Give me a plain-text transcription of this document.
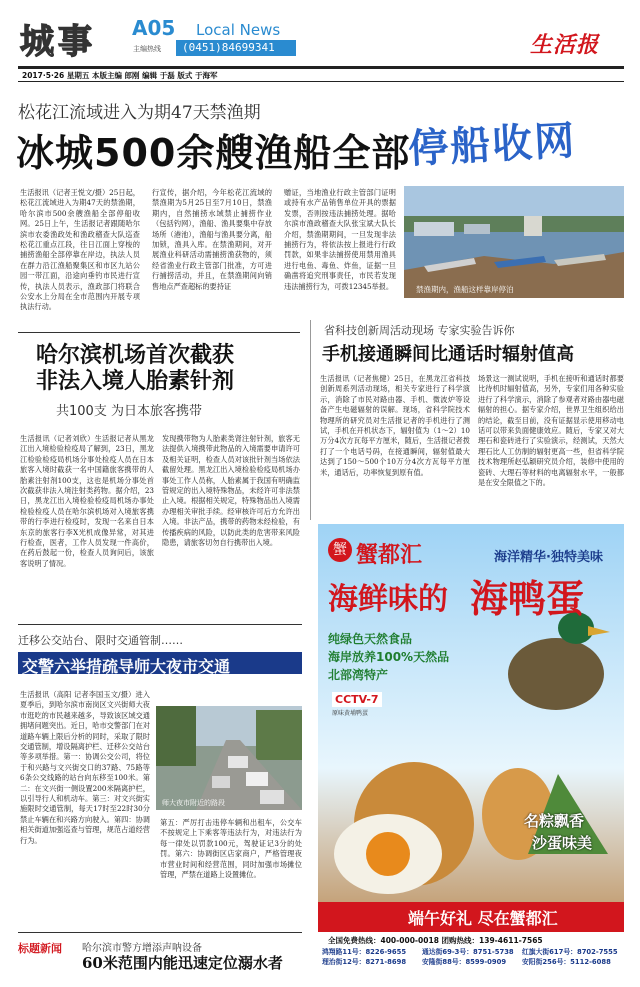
城事 A05 Local News
主编热线 (0451)84699341	生活报
2017·5·26 星期五 本版主编 郎刚 编辑 于磊 版式 于海军
松花江流域进入为期47天禁渔期
冰城500余艘渔船全部
停船收网
生活报讯（记者王悦文/摄）25日起，松花江流域进入为期47天的禁渔期，哈尔滨市500余艘渔船全部停船收网。25日上午，生活报记者跟随哈尔滨市农委渔政处和渔政稽查大队巡查松花江重点江段，往日江面上穿梭的捕捞渔船全部停靠在岸边，执法人员在群力沿江渔船聚集区和市区九站公园一带江面，沿途向垂钓市民进行宣传，执法人员表示，渔政部门将联合公安水上分局在全市范围内开展专项执法行动。
行宣传，据介绍，今年松花江流域的禁渔期为5月25日至7月10日，禁渔期内，自然捕捞水域禁止捕捞作业（包括钓网），渔船、渔具要集中存放场所（港池），渔船与渔具要分离，船加锁，渔具入库。在禁渔期间，对开展渔业科研活动需捕捞渔获物的，须经省渔业行政主管部门批准，方可进行捕捞活动，并且，在禁渔期间向销售地点严查超标的要持证
赠证，当地渔业行政主管部门证明或持有水产品销售单位开具的票据发票，否则按违法捕捞处理。据哈尔滨市渔政稽查大队张宝斌大队长介绍，禁渔期期间，一旦发现非法捕捞行为，将依法按上报进行行政罚款，如果非法捕捞使用禁用渔具进行电鱼、毒鱼、炸鱼，证据一旦确凿将追究刑事责任，市民若发现违法捕捞行为，可拨12345举报。	禁渔期内，渔船这样靠岸停泊
哈尔滨机场首次截获
非法入境人胎素针剂
共100支 为日本旅客携带
生活报讯（记者刘欣）生活报记者从黑龙江出入境检验检疫局了解到，23日，黑龙江检验检疫局机场分事处检疫人员在日本旅客入境时截获一名中国籍旅客携带的人胎素注射剂100支，这也是机场分事处首次截获非法入境注射类药物。据介绍，23日，黑龙江出入境检验检疫局机场办事处检验检疫人员在哈尔滨机场对入境旅客携带的行李进行检疫时，发现一名来自日本东京的旅客行李X光机成像异常，对其进行检查，医者，工作人员发现一件高价，在药后鼓起一份，检查人员询问后，该旅客说明了情况。
发现携带物为人胎素类肾注射针剂，旅客无法提供入境携带此物品的入境需要申请许可及相关证明，检查人员对该批针剂当场依法截留处理。黑龙江出入境检验检疫局机场办事处工作人员称，人胎素属于我国有明确监管规定的出入境特殊物品，未经许可非法禁止入境。根据相关规定，特殊物品出入境需办理相关审批手续。经审核许可后方允许出入境。非法产品，携带的药物未经检验，有传播疾病的风险，以防此类的危害带来风险隐患，请旅客切勿自行携带出入境。
省科技创新周活动现场 专家实验告诉你
手机接通瞬间比通话时辐射值高
生活报讯（记者焦健）25日，在黑龙江省科技创新周系列活动现场，相关专家进行了科学演示，消除了市民对路由器、手机、微波炉等设备产生电磁辐射的误解。现场，省科学院技术物理所的研究员对生活报记者的手机进行了测试，手机在开机状态下，辐射值为（1～2）10万分4次方瓦每平方厘米，随后，生活报记者拨打了一个电话号码，在接通瞬间，辐射值最大达到了150～500个10万分4次方瓦每平方厘米，通话后，功率恢复到原有值。
场景这一测试说明，手机在接听和通话时都要比待机时辐射值高，另外，专家们用各种实验进行了科学演示，消除了参观者对路由器电磁辐射的担心。据专家介绍，世界卫生组织给出的结论，截至目前，没有证据显示使用移动电话可以带来负面健康效应。随后，专家又对大理石和瓷砖进行了实验演示，经测试，天然大理石比人工仿制的辐射更高一些，但省科学院技术物理所赵弘颖研究员介绍，装修中使用的瓷砖、大理石等材料的电离辐射水平，一般都是在安全限值之下的。
迁移公交站台、限时交通管制……
交警六举措疏导师大夜市交通
生活报讯（高阳 记者李国玉文/摄）进入夏季后，到哈尔滨市南岗区文兴街师大夜市逛吃的市民越来越多，导致该区域交通拥堵问题突出。近日，哈市交警部门在对道路车辆上限后分析的同时，采取了限时交通管制，增设隔离护栏、迁移公交站台等多项举措。第一：协调公交公司，将位于和兴路与文兴街交口的37路、75路等6条公交线路的站台向东移至100米。第二：在文兴街一侧设置200米隔离护栏，以引导行人和机动车。第三：对文兴街实施限时交通管制，每天17时至22时30分禁止车辆在和兴路方向驶入。第四：协调相关街道加强巡查与管理，规范占道经营行为。
师大夜市附近的路段
第五：严厉打击违停车辆和出租车，公交车不按规定上下乘客等违法行为，对违法行为每一律处以罚款100元，驾驶证记3分的处罚。第六：协调街区店家商户，严格管理夜市营业时间和经营范围，同时加强市场摊位管理，严禁在道路上设置摊位。
蟹 蟹都汇	海洋精华·独特美味
海鲜味的 海鸭蛋
纯绿色天然食品
海岸放养100%天然品
北部湾特产
CCTV-7
原味黄埔鸭蛋
名粽飘香
沙蛋味美
端午好礼 尽在蟹都汇
全国免费热线：400-000-0018 团购热线：139-4611-7565
鸿翔路11号：8226-9655 通达街69-3号：8751-5738 红旗大街617号：8702-7555
理治街12号：8271-8698 安隆街88号：8599-0909 安阳街256号：5112-6088
标题新闻 哈尔滨市警方增添声呐设备
60米范围内能迅速定位溺水者
